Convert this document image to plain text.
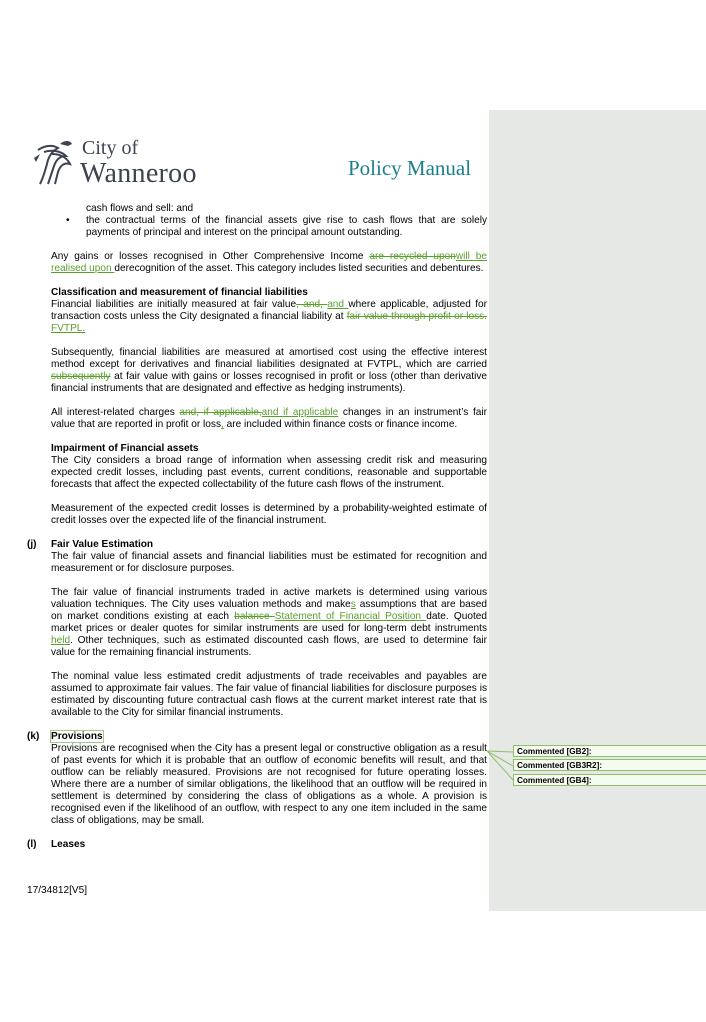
City of
Wanneroo	Policy Manual
cash flows and sell: and
• the contractual terms of the financial assets give rise to cash flows that are solely payments of principal and interest on the principal amount outstanding.

Any gains or losses recognised in Other Comprehensive Income are recycled uponwill be realised upon derecognition of the asset. This category includes listed securities and debentures.

Classification and measurement of financial liabilities
Financial liabilities are initially measured at fair value, and, and where applicable, adjusted for transaction costs unless the City designated a financial liability at fair value through profit or loss. FVTPL.

Subsequently, financial liabilities are measured at amortised cost using the effective interest method except for derivatives and financial liabilities designated at FVTPL, which are carried subsequently at fair value with gains or losses recognised in profit or loss (other than derivative financial instruments that are designated and effective as hedging instruments).

All interest-related charges and, if applicable,and if applicable changes in an instrument’s fair value that are reported in profit or loss, are included within finance costs or finance income.

Impairment of Financial assets
The City considers a broad range of information when assessing credit risk and measuring expected credit losses, including past events, current conditions, reasonable and supportable forecasts that affect the expected collectability of the future cash flows of the instrument.

Measurement of the expected credit losses is determined by a probability-weighted estimate of credit losses over the expected life of the financial instrument.

(j) Fair Value Estimation
The fair value of financial assets and financial liabilities must be estimated for recognition and measurement or for disclosure purposes.

The fair value of financial instruments traded in active markets is determined using various valuation techniques. The City uses valuation methods and makes assumptions that are based on market conditions existing at each balance Statement of Financial Position date. Quoted market prices or dealer quotes for similar instruments are used for long-term debt instruments held. Other techniques, such as estimated discounted cash flows, are used to determine fair value for the remaining financial instruments.

The nominal value less estimated credit adjustments of trade receivables and payables are assumed to approximate fair values. The fair value of financial liabilities for disclosure purposes is estimated by discounting future contractual cash flows at the current market interest rate that is available to the City for similar financial instruments.

(k) Provisions
Provisions are recognised when the City has a present legal or constructive obligation as a result of past events for which it is probable that an outflow of economic benefits will result, and that outflow can be reliably measured. Provisions are not recognised for future operating losses. Where there are a number of similar obligations, the likelihood that an outflow will be required in settlement is determined by considering the class of obligations as a whole. A provision is recognised even if the likelihood of an outflow, with respect to any one item included in the same class of obligations, may be small.

(l) Leases

Commented [GB2]:
Commented [GB3R2]:
Commented [GB4]:
17/34812[V5]
